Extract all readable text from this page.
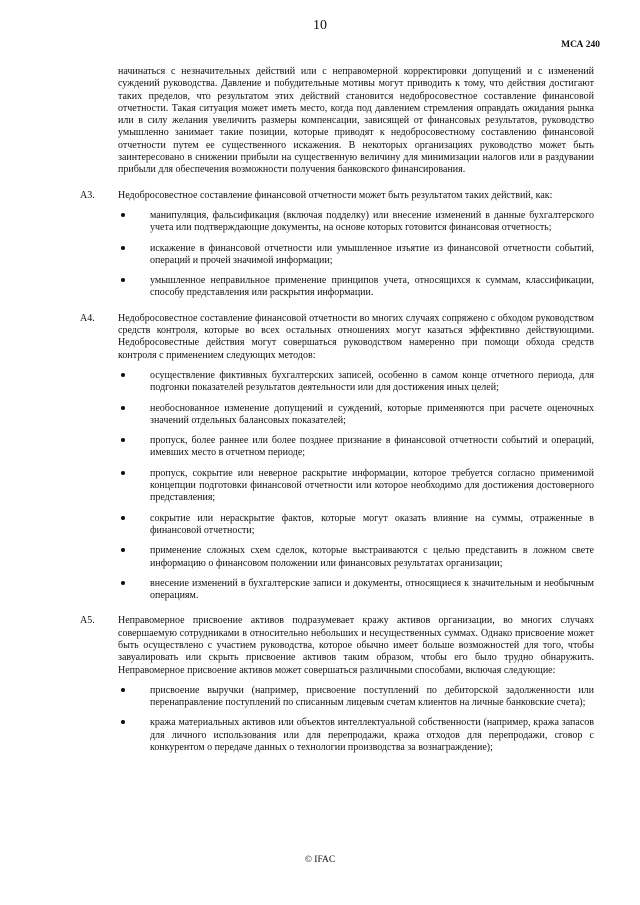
10
МСА 240

начинаться с незначительных действий или с неправомерной корректировки допущений и с изменений суждений руководства. Давление и побудительные мотивы могут приводить к тому, что действия достигают таких пределов, что результатом этих действий становится недобросовестное составление финансовой отчетности. Такая ситуация может иметь место, когда под давлением стремления оправдать ожидания рынка или в силу желания увеличить размеры компенсации, зависящей от финансовых результатов, руководство умышленно занимает такие позиции, которые приводят к недобросовестному составлению финансовой отчетности путем ее существенного искажения. В некоторых организациях руководство может быть заинтересовано в снижении прибыли на существенную величину для минимизации налогов или в раздувании прибыли для обеспечения возможности получения банковского финансирования.

A3. Недобросовестное составление финансовой отчетности может быть результатом таких действий, как:

манипуляция, фальсификация (включая подделку) или внесение изменений в данные бухгалтерского учета или подтверждающие документы, на основе которых готовится финансовая отчетность;
искажение в финансовой отчетности или умышленное изъятие из финансовой отчетности событий, операций и прочей значимой информации;
умышленное неправильное применение принципов учета, относящихся к суммам, классификации, способу представления или раскрытия информации.
A4. Недобросовестное составление финансовой отчетности во многих случаях сопряжено с обходом руководством средств контроля, которые во всех остальных отношениях могут казаться эффективно действующими. Недобросовестные действия могут совершаться руководством намеренно при помощи обхода средств контроля с применением следующих методов:

осуществление фиктивных бухгалтерских записей, особенно в самом конце отчетного периода, для подгонки показателей результатов деятельности или для достижения иных целей;
необоснованное изменение допущений и суждений, которые применяются при расчете оценочных значений отдельных балансовых показателей;
пропуск, более раннее или более позднее признание в финансовой отчетности событий и операций, имевших место в отчетном периоде;
пропуск, сокрытие или неверное раскрытие информации, которое требуется согласно применимой концепции подготовки финансовой отчетности или которое необходимо для достижения достоверного представления;
сокрытие или нераскрытие фактов, которые могут оказать влияние на суммы, отраженные в финансовой отчетности;
применение сложных схем сделок, которые выстраиваются с целью представить в ложном свете информацию о финансовом положении или финансовых результатах организации;
внесение изменений в бухгалтерские записи и документы, относящиеся к значительным и необычным операциям.
A5. Неправомерное присвоение активов подразумевает кражу активов организации, во многих случаях совершаемую сотрудниками в относительно небольших и несущественных суммах. Однако присвоение может быть осуществлено с участием руководства, которое обычно имеет больше возможностей для того, чтобы завуалировать или скрыть присвоение активов таким образом, чтобы его было трудно обнаружить. Неправомерное присвоение активов может совершаться различными способами, включая следующие:

присвоение выручки (например, присвоение поступлений по дебиторской задолженности или перенаправление поступлений по списанным лицевым счетам клиентов на личные банковские счета);
кража материальных активов или объектов интеллектуальной собственности (например, кража запасов для личного использования или для перепродажи, кража отходов для перепродажи, сговор с конкурентом о передаче данных о технологии производства за вознаграждение);
© IFAC
